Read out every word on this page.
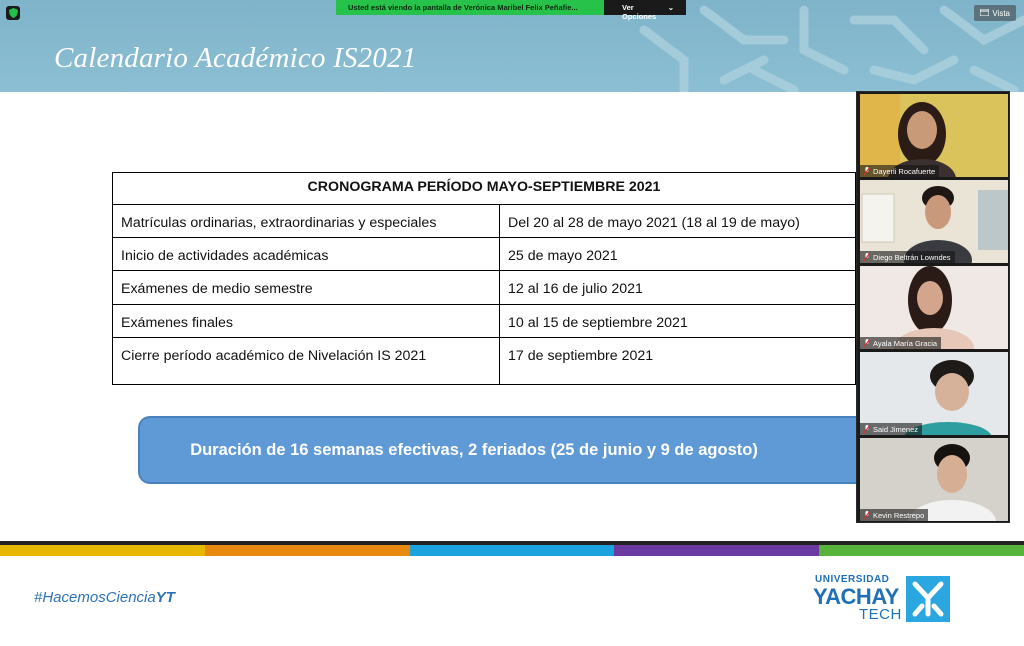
Calendario Académico IS2021
Usted está viendo la pantalla de Verónica Maribel Felix Peñafie...	Ver Opciones
⌄
Vista
CRONOGRAMA PERÍODO MAYO-SEPTIEMBRE 2021	
Matrículas ordinarias, extraordinarias y especiales	Del 20 al 28 de mayo 2021 (18 al 19 de mayo)
Inicio de actividades académicas	25 de mayo 2021
Exámenes de medio semestre	12 al 16 de julio 2021
Exámenes finales	10 al 15 de septiembre 2021
Cierre período académico de Nivelación IS 2021	17 de septiembre 2021
Duración de 16 semanas efectivas, 2 feriados (25 de junio y 9 de agosto)
Dayerli Rocafuerte
Diego Beltrán Lowndes
Ayala María Gracia
Said Jimenez
Kevin Restrepo
#HacemosCienciaYT
UNIVERSIDAD
YACHAY
TECH
